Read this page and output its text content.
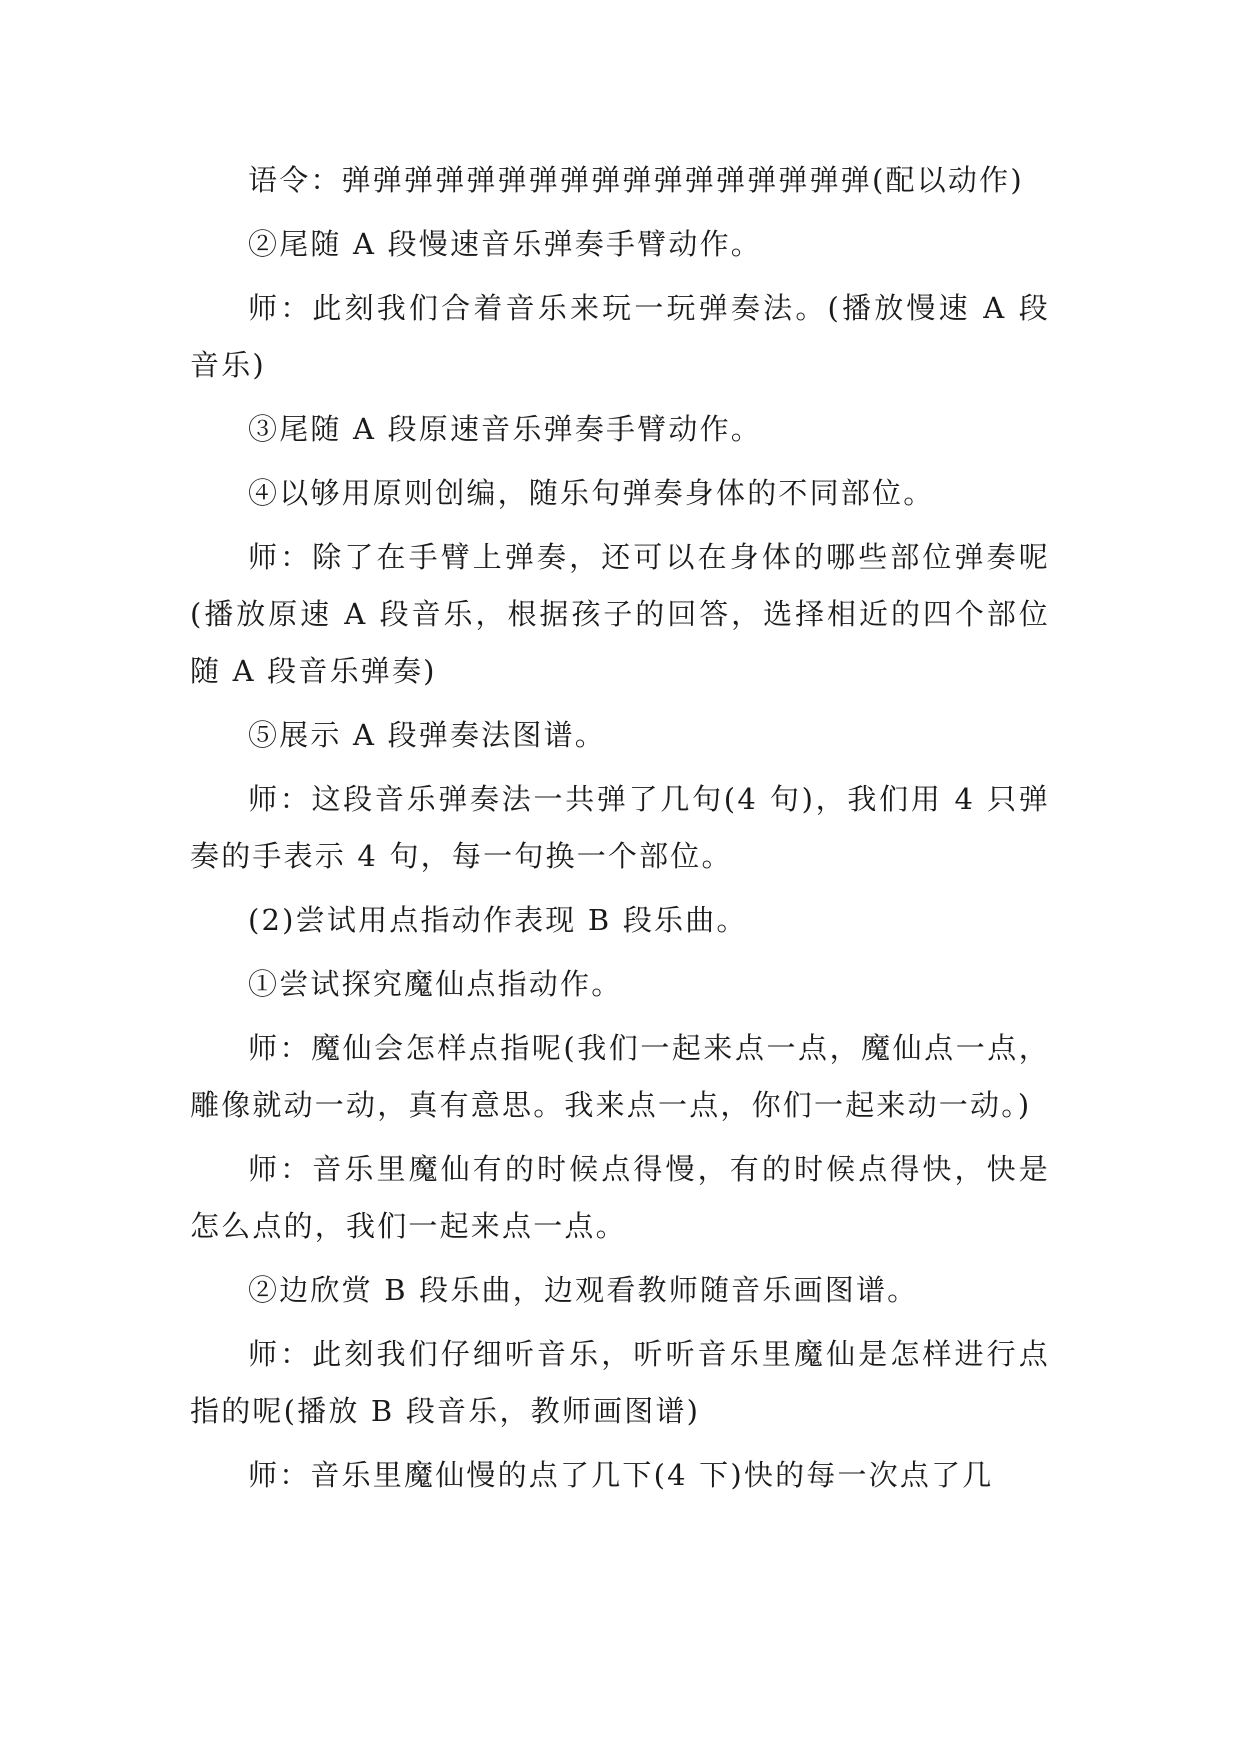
语令：弹弹弹弹弹弹弹弹弹弹弹弹弹弹弹弹弹(配以动作)

②尾随 A 段慢速音乐弹奏手臂动作。

师：此刻我们合着音乐来玩一玩弹奏法。(播放慢速 A 段音乐)

③尾随 A 段原速音乐弹奏手臂动作。

④以够用原则创编，随乐句弹奏身体的不同部位。

师：除了在手臂上弹奏，还可以在身体的哪些部位弹奏呢(播放原速 A 段音乐，根据孩子的回答，选择相近的四个部位随 A 段音乐弹奏)

⑤展示 A 段弹奏法图谱。

师：这段音乐弹奏法一共弹了几句(4 句)，我们用 4 只弹奏的手表示 4 句，每一句换一个部位。

(2)尝试用点指动作表现 B 段乐曲。

①尝试探究魔仙点指动作。

师：魔仙会怎样点指呢(我们一起来点一点，魔仙点一点，雕像就动一动，真有意思。我来点一点，你们一起来动一动。)

师：音乐里魔仙有的时候点得慢，有的时候点得快，快是怎么点的，我们一起来点一点。

②边欣赏 B 段乐曲，边观看教师随音乐画图谱。

师：此刻我们仔细听音乐，听听音乐里魔仙是怎样进行点指的呢(播放 B 段音乐，教师画图谱)

师：音乐里魔仙慢的点了几下(4 下)快的每一次点了几
